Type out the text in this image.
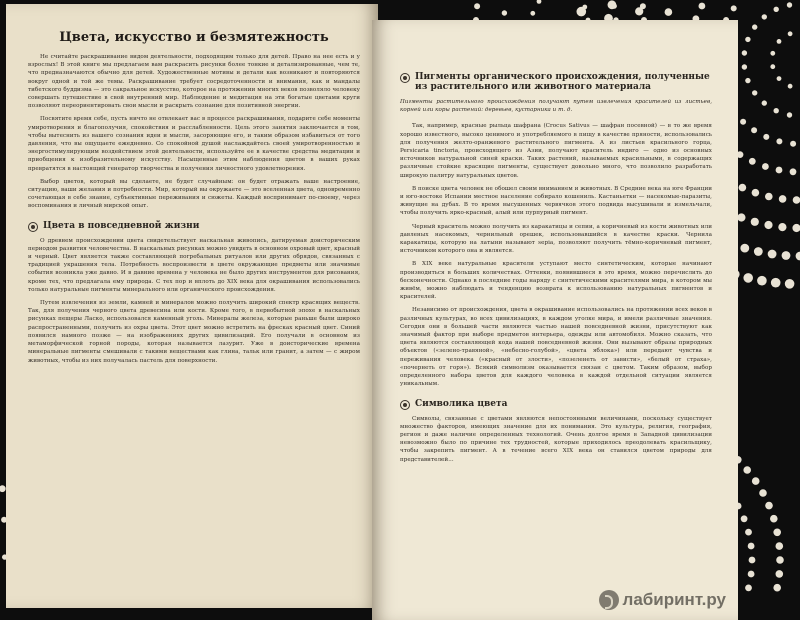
Цвета, искусство и безмятежность

Не считайте раскрашивание видом деятельности, подходящим только для детей. Право на нее есть и у взрослых! В этой книге мы предлагаем вам раскрасить рисунки более тонкие и детализированные, чем те, что предназначаются обычно для детей. Художественные мотивы и детали как возникают и повторяются вокруг одной и той же темы. Раскрашивание требует сосредоточенности и внимания, как и мандалы тибетского буддизма — это сакральное искусство, которое на протяжении многих веков позволяло человеку совершать путешествие в свой внутренний мир. Наблюдение и медитация на эти богатые цветами круги позволяют переориентировать свои мысли и раскрыть сознание для позитивной энергии.

Посвятите время себе, пусть ничто не отвлекает вас в процессе раскрашивания, подарите себе моменты умиротворения и благополучия, спокойствия и расслабленности. Цель этого занятия заключается в том, чтобы вытеснить из вашего сознания идеи и мысли, засоряющие его, и таким образом избавиться от того давления, что вы ощущаете ежедневно. Со спокойной душой наслаждайтесь своей умиротворенностью и энергостимулирующим воздействием этой деятельности, используйте ее в качестве средства медитации и приобщения к изобразительному искусству. Насыщенные этим наблюдения цветов в ваших руках превратятся в настоящий генератор творчества и получения личностного удовлетворения.

Выбор цветов, который вы сделаете, не будет случайным: он будет отражать ваше настроение, ситуацию, ваши желания и потребности. Мир, который вы окружаете — это вселенная цвета, одновременно сочетающая в себе знание, субъективные переживания и сюжеты. Каждый воспринимает по-своему, через воспоминания и личный мирской опыт.

Цвета в повседневной жизни

О древнем происхождении цвета свидетельствует наскальная живопись, датируемая доисторическим периодом развития человечества. В наскальных рисунках можно увидеть в основном охровый цвет, красный и черный. Цвет является также составляющей погребальных ритуалов или других обрядов, связанных с традицией украшения тела. Потребность воспроизвести в цвете окружающие предметы или значимые события возникла уже давно. И в давние времена у человека не было других инструментов для рисования, кроме тех, что предлагала ему природа. С тех пор и вплоть до XIX века для окрашивания использовались только натуральные пигменты минерального или органического происхождения.

Путем извлечения из земли, камней и минералов можно получить широкий спектр красящих веществ. Так, для получения черного цвета древесина или кости. Кроме того, в первобытной эпохе в наскальных рисунках пещеры Ласко, использовался каменный уголь. Минералы железа, которые раньше были широко распространенными, получить из охры цвета. Этот цвет можно встретить на фресках красный цвет. Синий появился намного позже — на изображениях других цивилизаций. Его получали в основном из метаморфической горной породы, которая называется лазурит. Уже в доисторические времена минеральные пигменты смешивали с такими веществами как глина, тальк или гранит, а затем — с жиром животных, чтобы из них получалась пастель для поверхности.

Пигменты органического происхождения, полученные из растительного или животного материала

Пигменты растительного происхождения получают путем извлечения красителей из листьев, корней или коры растений: деревьев, кустарника и т. д.

Так, например, красные рыльца шафрана (Crocus Sativus — шафран посевной) — в то же время хорошо известного, высоко ценимого и употребляемого в пищу в качестве пряности, использовались для получения желто-оранжевого растительного пигмента. А из листьев красильного горца, Persicaria tinctoria, происходящего из Азии, получают краситель индиго — одно из основных источников натуральной синей краски. Таких растений, называемых красильными, в содержащих различные стойкие красящие пигменты, существует довольно много, что позволило разработать широкую палитру натуральных цветов.

В поиске цвета человек не обошел своим вниманием и животных. В Средние века на юге Франции и юго-востоке Испании местное население собирало кошениль. Кастаньетки — насекомые-паразиты, живущие на дубах. В то время высушенных червячков этого подвида высушивали и измельчали, чтобы получить ярко-красный, алый или пурпурный пигмент.

Черный краситель можно получить из каракатицы и сепии, а коричневый из кости животных или давленых насекомых, чернильный орешек, использовавшийся в качестве краски. Чернила каракатицы, которую на латыни называют sepia, позволяют получить тёмно-коричневый пигмент, источником которого она и является.

В XIX веке натуральные красители уступают место синтетическим, которые начинают производиться в больших количествах. Оттенки, появившиеся в это время, можно перечислить до бесконечности. Однако в последние годы наряду с синтетическими красителями мира, в котором мы живём, можно наблюдать и тенденцию возврата к использованию натуральных пигментов и красителей.

Независимо от происхождения, цвета в окрашивание использовались на протяжении всех веков в различных культурах, во всех цивилизациях, в каждом уголке мира, и имели различные значения. Сегодня они в большей части являются частью нашей повседневной жизни, присутствуют как значимый фактор при выборе предметов интерьера, одежды или автомобиля. Можно сказать, что цвета являются составляющей кода нашей повседневной жизни. Они вызывают образы природных объектов («зелено-травяной», «небесно-голубой», «цвета яблока») или передают чувства и переживания человека («красный от злости», «позеленеть от зависти», «белый от страха», «почернеть от горя»). Всякий символизм оказывается связан с цветом. Таким образом, выбор определенного набора цветов для каждого человека в каждой отдельной ситуации является уникальным.

Символика цвета

Символы, связанные с цветами являются непостоянными величинами, поскольку существует множество факторов, имеющих значение для их понимания. Это культура, религия, география, регион и даже наличие определенных технологий. Очень долгое время в Западной цивилизации невозможно было по причине тех трудностей, которые приходилось преодолевать красильщику, чтобы закрепить пигмент. А в течение всего XIX века он ставился цветом природы для представителей...

лабиринт.ру
